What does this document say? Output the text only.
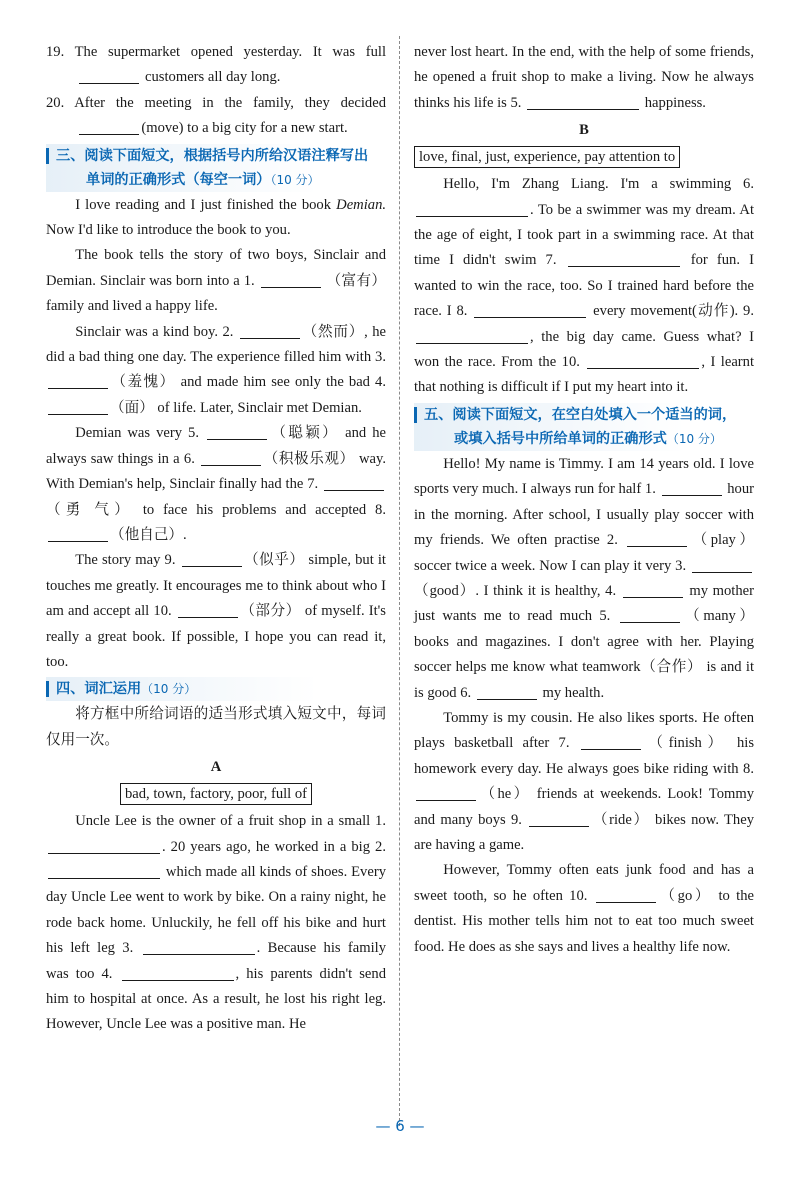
19. The supermarket opened yesterday. It was full  customers all day long.

20. After the meeting in the family, they decided (move) to a big city for a new start.

三、阅读下面短文，根据括号内所给汉语注释写出
单词的正确形式（每空一词）（10 分）

I love reading and I just finished the book Demian. Now I'd like to introduce the book to you.

The book tells the story of two boys, Sinclair and Demian. Sinclair was born into a 1.	（富有） family and lived a happy life.

Sinclair was a kind boy. 2.	（然而）, he did a bad thing one day. The experience filled him with 3. （羞愧） and made him see only the bad 4. （面） of life. Later, Sinclair met Demian.

Demian was very 5.	（聪颖） and he always saw things in a 6.	（积极乐观） way. With Demian's help, Sinclair finally had the 7. （勇 气） to face his problems and accepted 8. （他自己）.

The story may 9.	（似乎） simple, but it touches me greatly. It encourages me to think about who I am and accept all 10.	（部分） of myself. It's really a great book. If possible, I hope you can read it, too.

四、词汇运用（10 分）

将方框中所给词语的适当形式填入短文中，每词仅用一次。

A
bad, town, factory, poor, full of

Uncle Lee is the owner of a fruit shop in a small 1. . 20 years ago, he worked in a big 2.  which made all kinds of shoes. Every day Uncle Lee went to work by bike. On a rainy night, he rode back home. Unluckily, he fell off his bike and hurt his left leg 3.	. Because his family was too 4.	, his parents didn't send him to hospital at once. As a result, he lost his right leg. However, Uncle Lee was a positive man. He

never lost heart. In the end, with the help of some friends, he opened a fruit shop to make a living. Now he always thinks his life is 5.	happiness.

B
love, final, just, experience, pay attention to

Hello, I'm Zhang Liang. I'm a swimming 6. . To be a swimmer was my dream. At the age of eight, I took part in a swimming race. At that time I didn't swim 7.	for fun. I wanted to win the race, too. So I trained hard before the race. I 8.	every movement(动作). 9. , the big day came. Guess what? I won the race. From the 10.	, I learnt that nothing is difficult if I put my heart into it.

五、阅读下面短文，在空白处填入一个适当的词，
或填入括号中所给单词的正确形式（10 分）

Hello! My name is Timmy. I am 14 years old. I love sports very much. I always run for half 1.	hour in the morning. After school, I usually play soccer with my friends. We often practise 2.	（play） soccer twice a week. Now I can play it very 3. （good）. I think it is healthy, 4.	my mother just wants me to read much 5.	（many） books and magazines. I don't agree with her. Playing soccer helps me know what teamwork（合作） is and it is good 6.	my health.

Tommy is my cousin. He also likes sports. He often plays basketball after 7.	（finish） his homework every day. He always goes bike riding with 8. （he） friends at weekends. Look! Tommy and many boys 9.	（ride） bikes now. They are having a game.

However, Tommy often eats junk food and has a sweet tooth, so he often 10.	（go） to the dentist. His mother tells him not to eat too much sweet food. He does as she says and lives a healthy life now.

— 6 —
